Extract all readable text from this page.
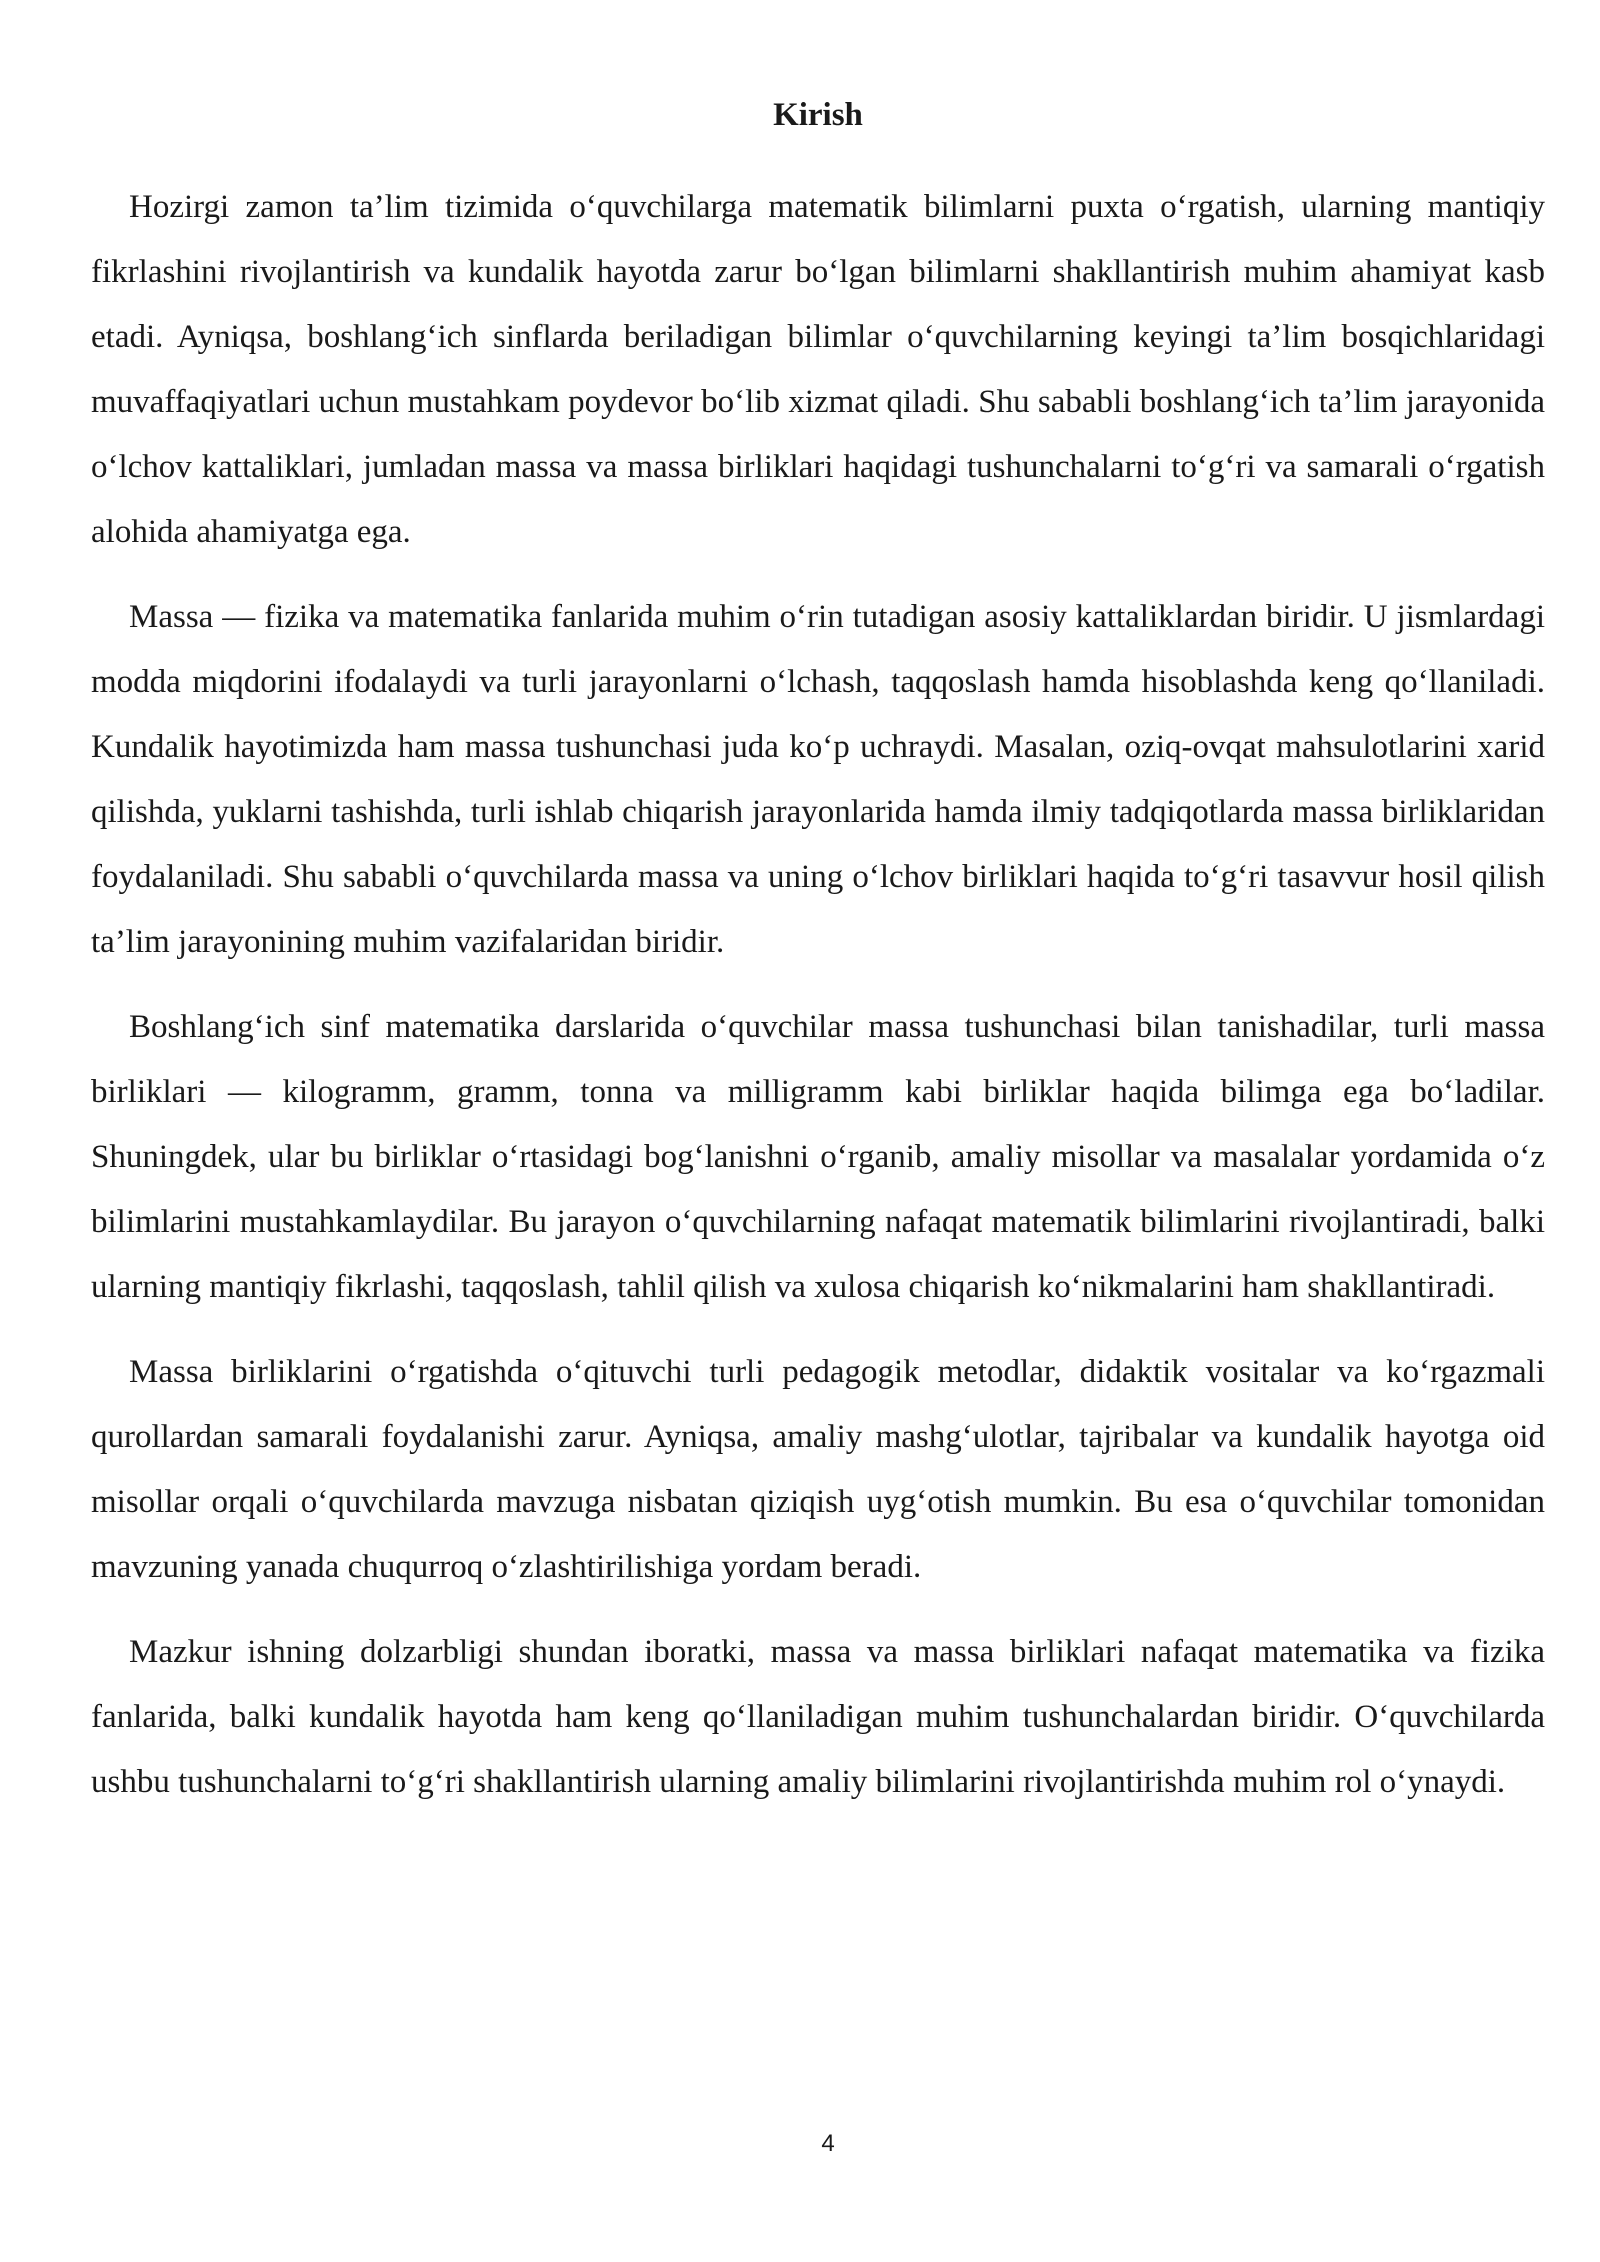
Kirish

Hozirgi zamon ta’lim tizimida o‘quvchilarga matematik bilimlarni puxta o‘rgatish, ularning mantiqiy fikrlashini rivojlantirish va kundalik hayotda zarur bo‘lgan bilimlarni shakllantirish muhim ahamiyat kasb etadi. Ayniqsa, boshlang‘ich sinflarda beriladigan bilimlar o‘quvchilarning keyingi ta’lim bosqichlaridagi muvaffaqiyatlari uchun mustahkam poydevor bo‘lib xizmat qiladi. Shu sababli boshlang‘ich ta’lim jarayonida o‘lchov kattaliklari, jumladan massa va massa birliklari haqidagi tushunchalarni to‘g‘ri va samarali o‘rgatish alohida ahamiyatga ega.

Massa — fizika va matematika fanlarida muhim o‘rin tutadigan asosiy kattaliklardan biridir. U jismlardagi modda miqdorini ifodalaydi va turli jarayonlarni o‘lchash, taqqoslash hamda hisoblashda keng qo‘llaniladi. Kundalik hayotimizda ham massa tushunchasi juda ko‘p uchraydi. Masalan, oziq-ovqat mahsulotlarini xarid qilishda, yuklarni tashishda, turli ishlab chiqarish jarayonlarida hamda ilmiy tadqiqotlarda massa birliklaridan foydalaniladi. Shu sababli o‘quvchilarda massa va uning o‘lchov birliklari haqida to‘g‘ri tasavvur hosil qilish ta’lim jarayonining muhim vazifalaridan biridir.

Boshlang‘ich sinf matematika darslarida o‘quvchilar massa tushunchasi bilan tanishadilar, turli massa birliklari — kilogramm, gramm, tonna va milligramm kabi birliklar haqida bilimga ega bo‘ladilar. Shuningdek, ular bu birliklar o‘rtasidagi bog‘lanishni o‘rganib, amaliy misollar va masalalar yordamida o‘z bilimlarini mustahkamlaydilar. Bu jarayon o‘quvchilarning nafaqat matematik bilimlarini rivojlantiradi, balki ularning mantiqiy fikrlashi, taqqoslash, tahlil qilish va xulosa chiqarish ko‘nikmalarini ham shakllantiradi.

Massa birliklarini o‘rgatishda o‘qituvchi turli pedagogik metodlar, didaktik vositalar va ko‘rgazmali qurollardan samarali foydalanishi zarur. Ayniqsa, amaliy mashg‘ulotlar, tajribalar va kundalik hayotga oid misollar orqali o‘quvchilarda mavzuga nisbatan qiziqish uyg‘otish mumkin. Bu esa o‘quvchilar tomonidan mavzuning yanada chuqurroq o‘zlashtirilishiga yordam beradi.

Mazkur ishning dolzarbligi shundan iboratki, massa va massa birliklari nafaqat matematika va fizika fanlarida, balki kundalik hayotda ham keng qo‘llaniladigan muhim tushunchalardan biridir. O‘quvchilarda ushbu tushunchalarni to‘g‘ri shakllantirish ularning amaliy bilimlarini rivojlantirishda muhim rol o‘ynaydi.

4
